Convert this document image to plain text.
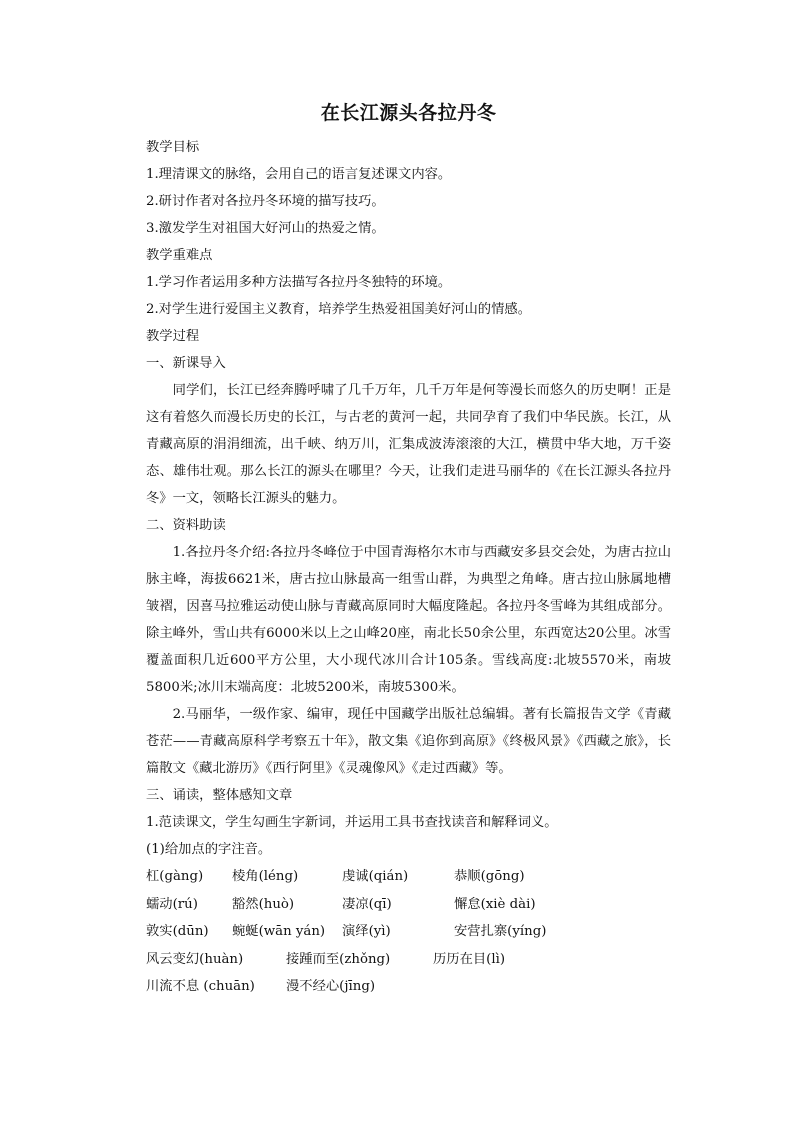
在长江源头各拉丹冬

教学目标

1.理清课文的脉络，会用自己的语言复述课文内容。

2.研讨作者对各拉丹冬环境的描写技巧。

3.激发学生对祖国大好河山的热爱之情。

教学重难点

1.学习作者运用多种方法描写各拉丹冬独特的环境。

2.对学生进行爱国主义教育，培养学生热爱祖国美好河山的情感。

教学过程

一、新课导入

同学们，长江已经奔腾呼啸了几千万年，几千万年是何等漫长而悠久的历史啊！正是这有着悠久而漫长历史的长江，与古老的黄河一起，共同孕育了我们中华民族。长江，从青藏高原的涓涓细流，出千峡、纳万川，汇集成波涛滚滚的大江，横贯中华大地，万千姿态、雄伟壮观。那么长江的源头在哪里？今天，让我们走进马丽华的《在长江源头各拉丹冬》一文，领略长江源头的魅力。

二、资料助读

1.各拉丹冬介绍:各拉丹冬峰位于中国青海格尔木市与西藏安多县交会处，为唐古拉山脉主峰，海拔6621米，唐古拉山脉最高一组雪山群，为典型之角峰。唐古拉山脉属地槽皱褶，因喜马拉雅运动使山脉与青藏高原同时大幅度隆起。各拉丹冬雪峰为其组成部分。除主峰外，雪山共有6000米以上之山峰20座，南北长50余公里，东西宽达20公里。冰雪覆盖面积几近600平方公里，大小现代冰川合计105条。雪线高度:北坡5570米，南坡5800米;冰川末端高度：北坡5200米，南坡5300米。

2.马丽华，一级作家、编审，现任中国藏学出版社总编辑。著有长篇报告文学《青藏苍茫——青藏高原科学考察五十年》，散文集《追你到高原》《终极风景》《西藏之旅》，长篇散文《藏北游历》《西行阿里》《灵魂像风》《走过西藏》等。

三、诵读，整体感知文章

1.范读课文，学生勾画生字新词，并运用工具书查找读音和解释词义。

(1)给加点的字注音。

杠(gàng)	棱角(léng)	虔诚(qián)	恭顺(gōng)
蠕动(rú)	豁然(huò)	凄凉(qī)	懈怠(xiè dài)
敦实(dūn)	蜿蜒(wān yán)	演绎(yì)	安营扎寨(yíng)
风云变幻(huàn)	接踵而至(zhǒng)	历历在目(lì)
川流不息 (chuān)	漫不经心(jīng)
